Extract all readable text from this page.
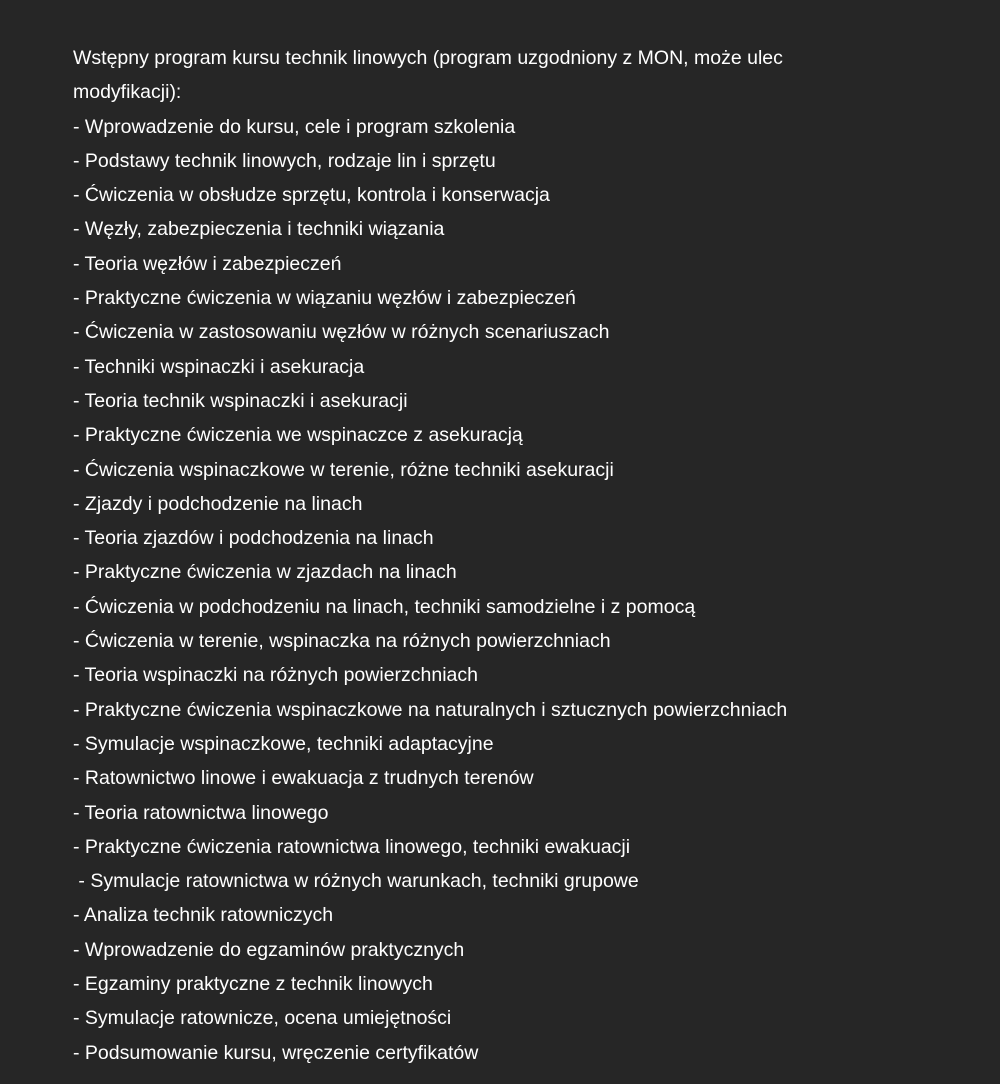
Wstępny program kursu technik linowych (program uzgodniony z MON, może ulec modyfikacji):

- Wprowadzenie do kursu, cele i program szkolenia
- Podstawy technik linowych, rodzaje lin i sprzętu
- Ćwiczenia w obsłudze sprzętu, kontrola i konserwacja
- Węzły, zabezpieczenia i techniki wiązania
- Teoria węzłów i zabezpieczeń
- Praktyczne ćwiczenia w wiązaniu węzłów i zabezpieczeń
- Ćwiczenia w zastosowaniu węzłów w różnych scenariuszach
- Techniki wspinaczki i asekuracja
- Teoria technik wspinaczki i asekuracji
- Praktyczne ćwiczenia we wspinaczce z asekuracją
- Ćwiczenia wspinaczkowe w terenie, różne techniki asekuracji
- Zjazdy i podchodzenie na linach
- Teoria zjazdów i podchodzenia na linach
- Praktyczne ćwiczenia w zjazdach na linach
- Ćwiczenia w podchodzeniu na linach, techniki samodzielne i z pomocą
- Ćwiczenia w terenie, wspinaczka na różnych powierzchniach
- Teoria wspinaczki na różnych powierzchniach
- Praktyczne ćwiczenia wspinaczkowe na naturalnych i sztucznych powierzchniach
- Symulacje wspinaczkowe, techniki adaptacyjne
- Ratownictwo linowe i ewakuacja z trudnych terenów
- Teoria ratownictwa linowego
- Praktyczne ćwiczenia ratownictwa linowego, techniki ewakuacji
- Symulacje ratownictwa w różnych warunkach, techniki grupowe
- Analiza technik ratowniczych
- Wprowadzenie do egzaminów praktycznych
- Egzaminy praktyczne z technik linowych
- Symulacje ratownicze, ocena umiejętności
- Podsumowanie kursu, wręczenie certyfikatów
